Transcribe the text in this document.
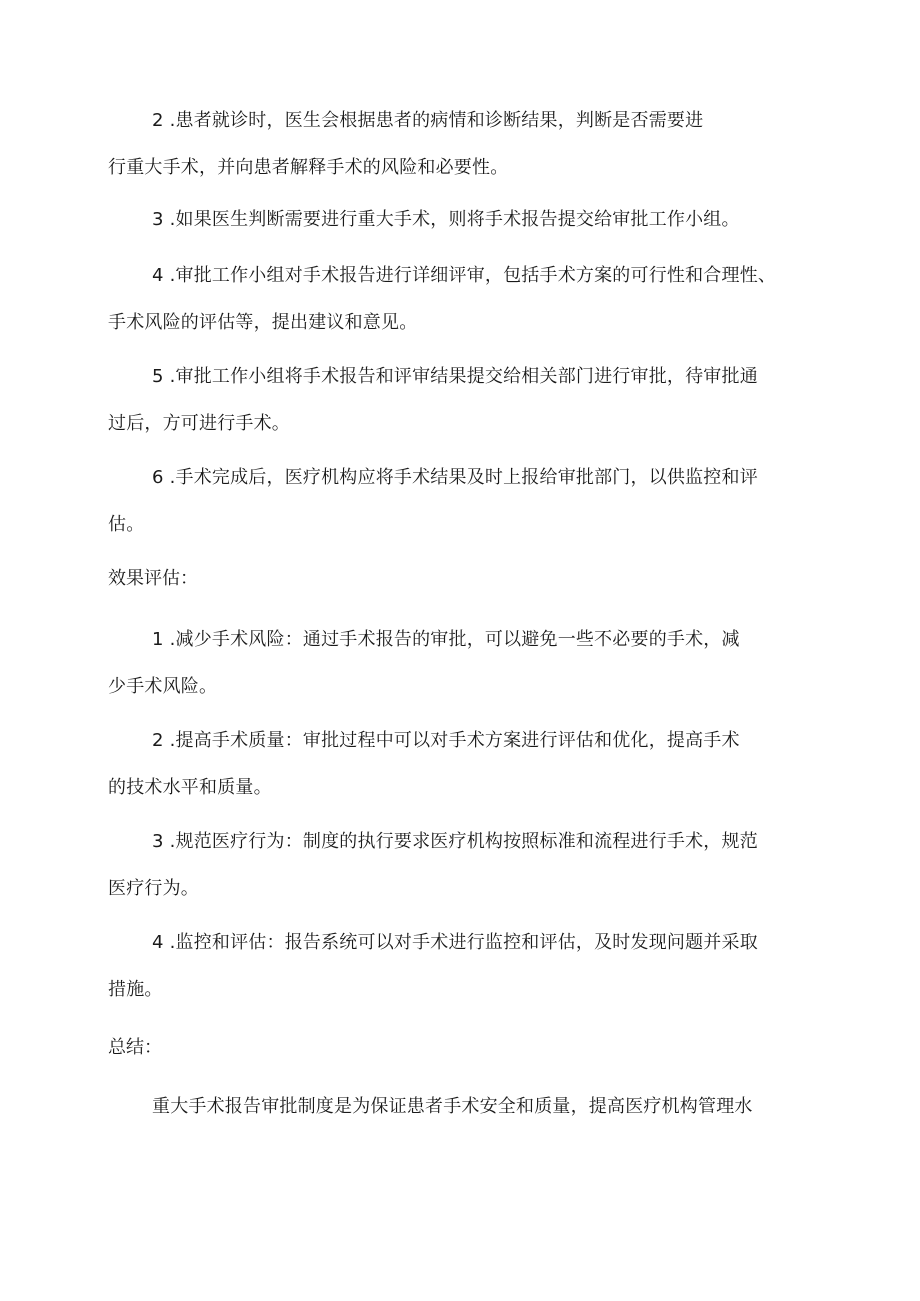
2 .患者就诊时，医生会根据患者的病情和诊断结果，判断是否需要进
行重大手术，并向患者解释手术的风险和必要性。

3 .如果医生判断需要进行重大手术，则将手术报告提交给审批工作小组。

4 .审批工作小组对手术报告进行详细评审，包括手术方案的可行性和合理性、
手术风险的评估等，提出建议和意见。

5 .审批工作小组将手术报告和评审结果提交给相关部门进行审批，待审批通
过后，方可进行手术。

6 .手术完成后，医疗机构应将手术结果及时上报给审批部门，以供监控和评
估。

效果评估：

1 .减少手术风险：通过手术报告的审批，可以避免一些不必要的手术，减
少手术风险。

2 .提高手术质量：审批过程中可以对手术方案进行评估和优化，提高手术
的技术水平和质量。

3 .规范医疗行为：制度的执行要求医疗机构按照标准和流程进行手术，规范
医疗行为。

4 .监控和评估：报告系统可以对手术进行监控和评估，及时发现问题并采取
措施。

总结：

重大手术报告审批制度是为保证患者手术安全和质量，提高医疗机构管理水
